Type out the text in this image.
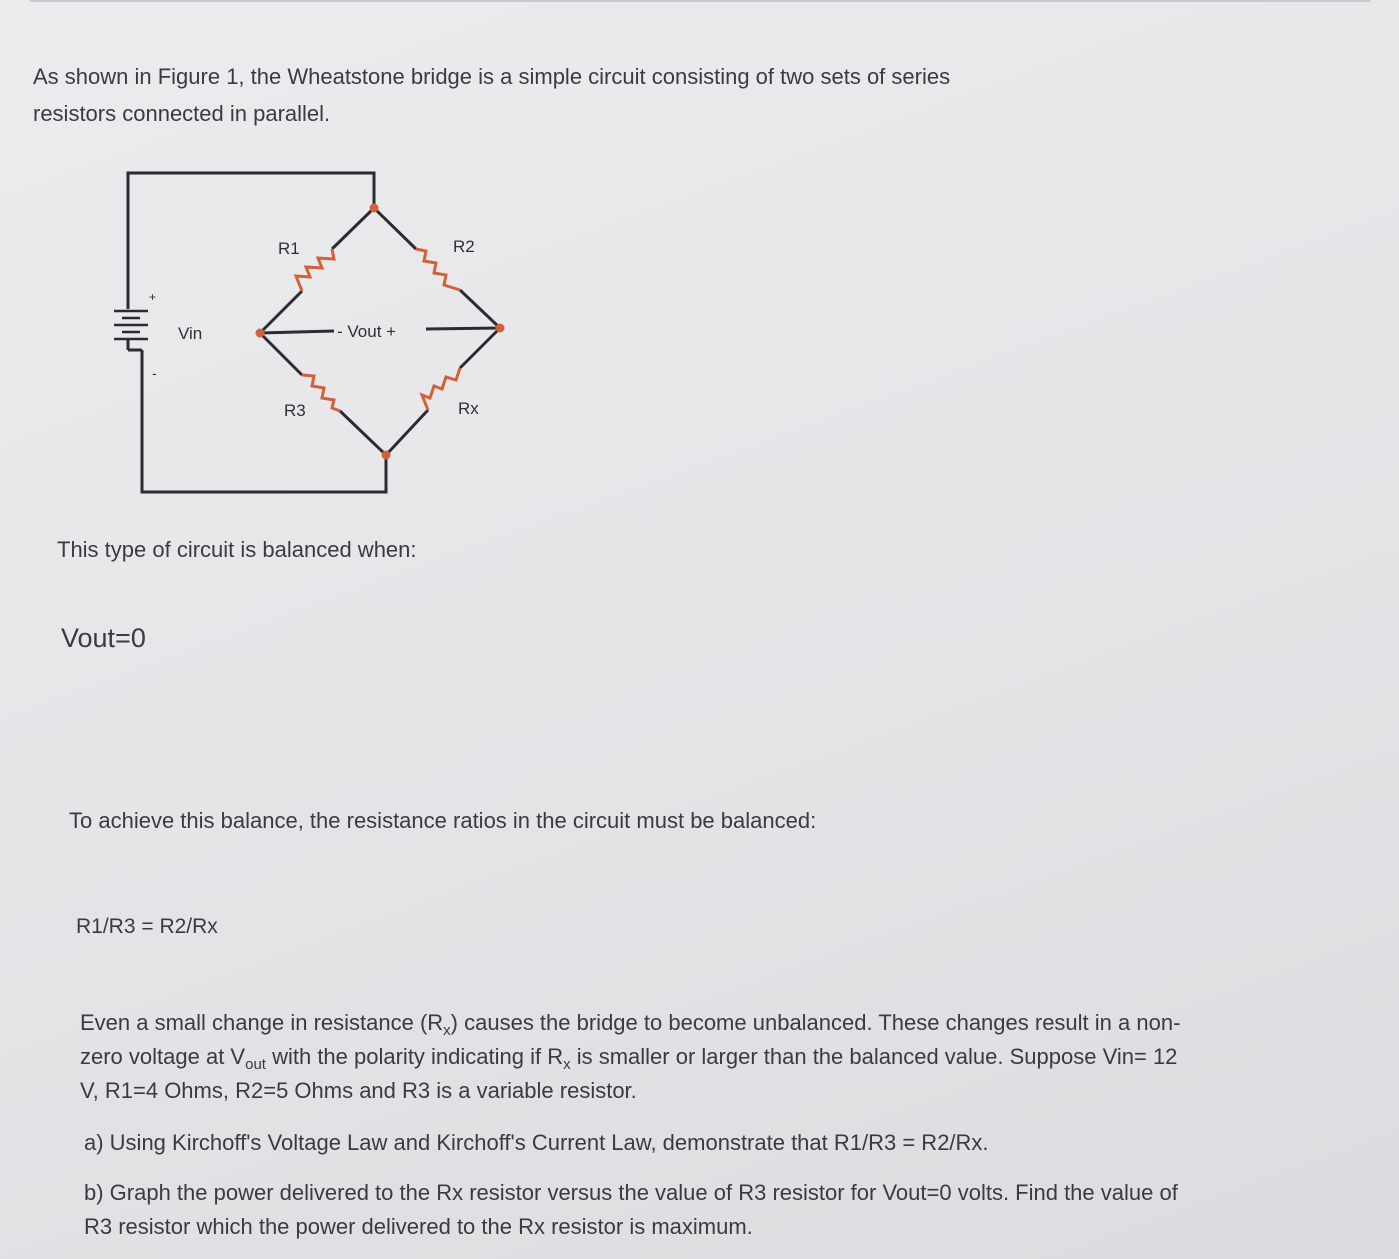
As shown in Figure 1, the Wheatstone bridge is a simple circuit consisting of two sets of series
resistors connected in parallel.
R1	R2
R3	Rx
Vin	- Vout +
+
-
This type of circuit is balanced when:
Vout=0
To achieve this balance, the resistance ratios in the circuit must be balanced:
R1/R3 = R2/Rx
Even a small change in resistance $(R_x)$ causes the bridge to become unbalanced. These changes result in a non-
zero voltage at $V_{out}$ with the polarity indicating if $R_x$ is smaller or larger than the balanced value. Suppose Vin= 12
V, R1=4 Ohms, R2=5 Ohms and R3 is a variable resistor.
a) Using Kirchoff's Voltage Law and Kirchoff's Current Law, demonstrate that R1/R3 = R2/Rx.
b) Graph the power delivered to the Rx resistor versus the value of R3 resistor for Vout=0 volts. Find the value of
R3 resistor which the power delivered to the Rx resistor is maximum.
